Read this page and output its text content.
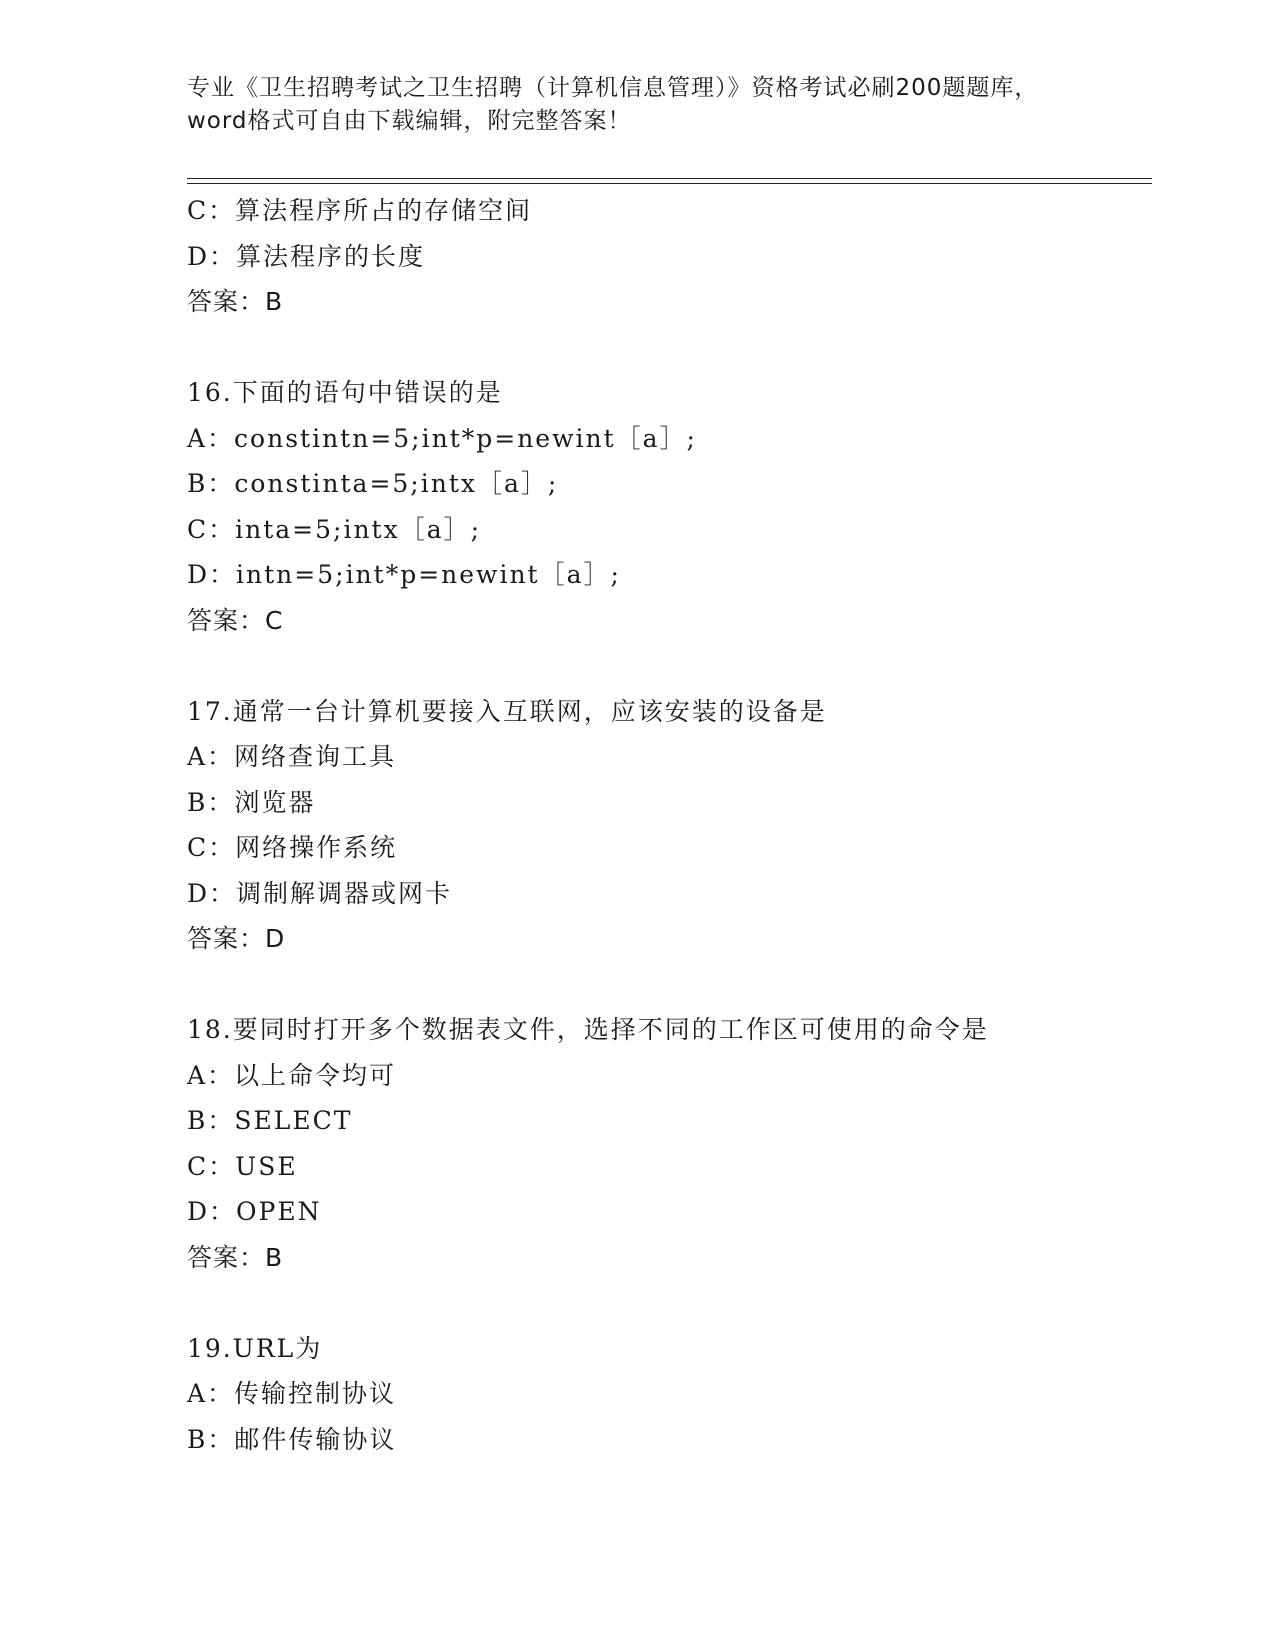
专业《卫生招聘考试之卫生招聘（计算机信息管理）》资格考试必刷200题题库，
word格式可自由下载编辑，附完整答案！
C：算法程序所占的存储空间
D：算法程序的长度
答案：B
16.下面的语句中错误的是
A：constintn=5;int*p=newint［a］;
B：constinta=5;intx［a］;
C：inta=5;intx［a］;
D：intn=5;int*p=newint［a］;
答案：C
17.通常一台计算机要接入互联网，应该安装的设备是
A：网络查询工具
B：浏览器
C：网络操作系统
D：调制解调器或网卡
答案：D
18.要同时打开多个数据表文件，选择不同的工作区可使用的命令是
A：以上命令均可
B：SELECT
C：USE
D：OPEN
答案：B
19.URL为
A：传输控制协议
B：邮件传输协议
